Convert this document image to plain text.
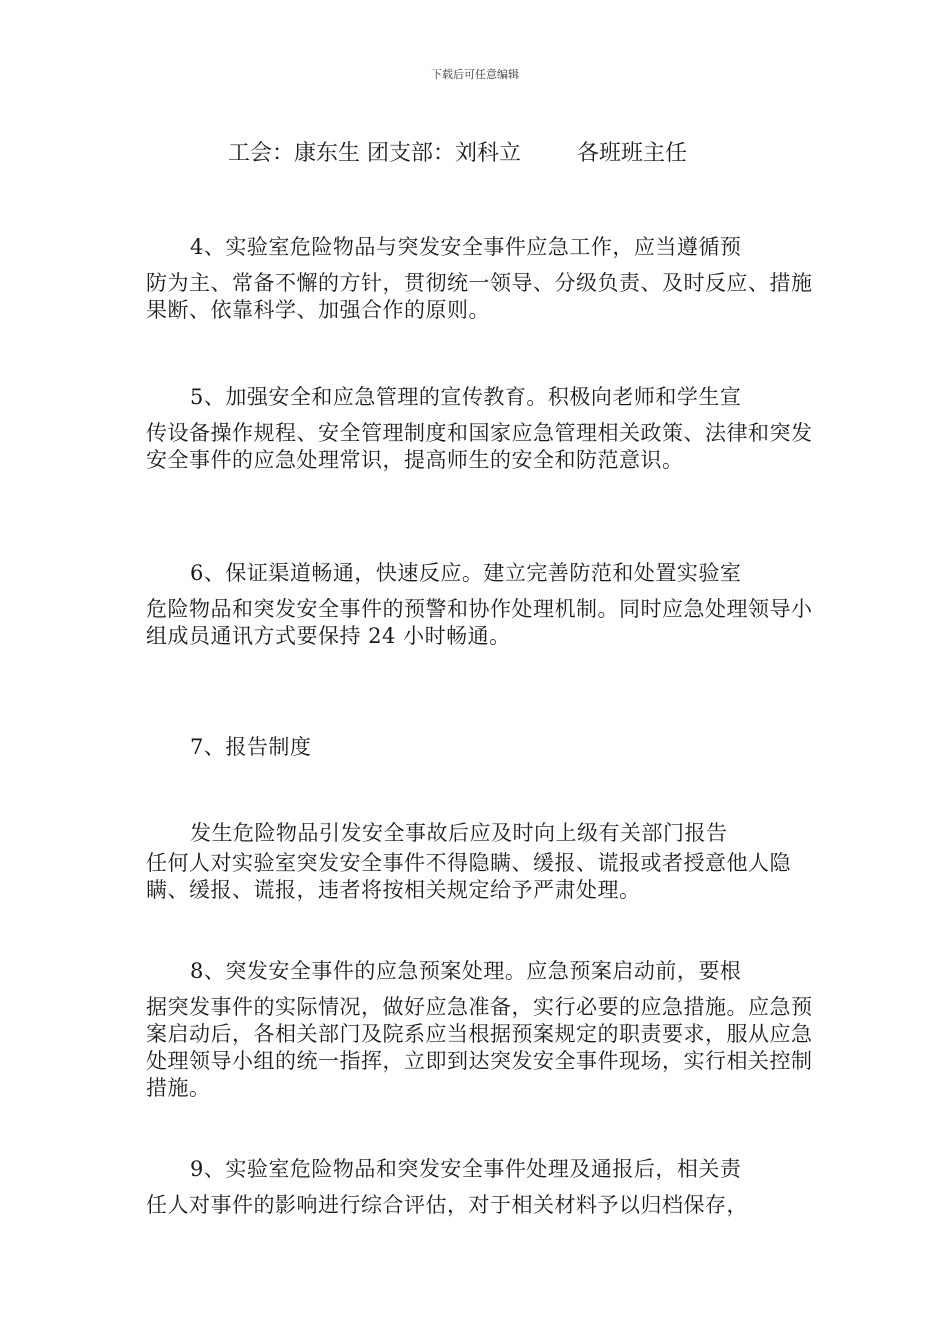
下载后可任意编辑
工会：康东生 团支部：刘科立        各班班主任
4、实验室危险物品与突发安全事件应急工作，应当遵循预
防为主、常备不懈的方针，贯彻统一领导、分级负责、及时反应、措施果断、依靠科学、加强合作的原则。
5、加强安全和应急管理的宣传教育。积极向老师和学生宣
传设备操作规程、安全管理制度和国家应急管理相关政策、法律和突发安全事件的应急处理常识，提高师生的安全和防范意识。
6、保证渠道畅通，快速反应。建立完善防范和处置实验室
危险物品和突发安全事件的预警和协作处理机制。同时应急处理领导小组成员通讯方式要保持 24 小时畅通。
7、报告制度
发生危险物品引发安全事故后应及时向上级有关部门报告
任何人对实验室突发安全事件不得隐瞒、缓报、谎报或者授意他人隐瞒、缓报、谎报，违者将按相关规定给予严肃处理。
8、突发安全事件的应急预案处理。应急预案启动前，要根
据突发事件的实际情况，做好应急准备，实行必要的应急措施。应急预案启动后，各相关部门及院系应当根据预案规定的职责要求，服从应急处理领导小组的统一指挥，立即到达突发安全事件现场，实行相关控制措施。
9、实验室危险物品和突发安全事件处理及通报后，相关责
任人对事件的影响进行综合评估，对于相关材料予以归档保存，
